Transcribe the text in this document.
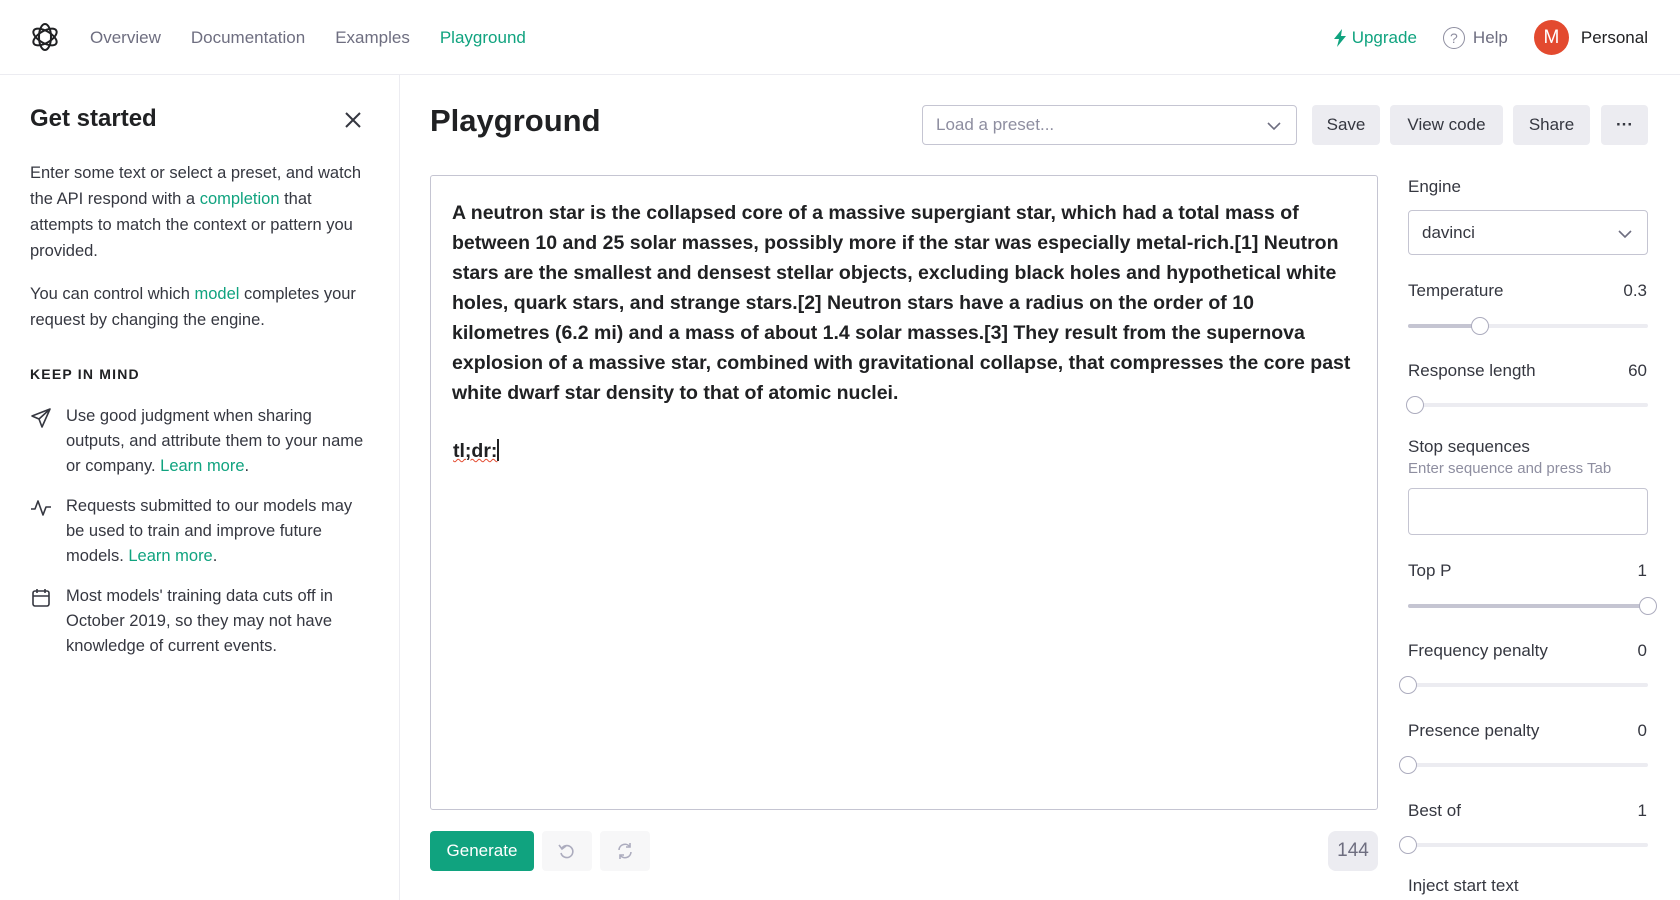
Overview Documentation Examples Playground	Upgrade	? Help	M	Personal
Get started

Enter some text or select a preset, and watch the API respond with a completion that attempts to match the context or pattern you provided.

You can control which model completes your request by changing the engine.

KEEP IN MIND
Use good judgment when sharing outputs, and attribute them to your name or company. Learn more.
Requests submitted to our models may be used to train and improve future models. Learn more.
Most models' training data cuts off in October 2019, so they may not have knowledge of current events.
Playground	Load a preset...	Save	View code	Share	···
A neutron star is the collapsed core of a massive supergiant star, which had a total mass of between 10 and 25 solar masses, possibly more if the star was especially metal-rich.[1] Neutron stars are the smallest and densest stellar objects, excluding black holes and hypothetical white holes, quark stars, and strange stars.[2] Neutron stars have a radius on the order of 10 kilometres (6.2 mi) and a mass of about 1.4 solar masses.[3] They result from the supernova explosion of a massive star, combined with gravitational collapse, that compresses the core past white dwarf star density to that of atomic nuclei.
tl;dr:
Generate	144
Engine
davinci
Temperature	0.3
Response length	60
Stop sequences
Enter sequence and press Tab
Top P	1
Frequency penalty	0
Presence penalty	0
Best of	1
Inject start text
